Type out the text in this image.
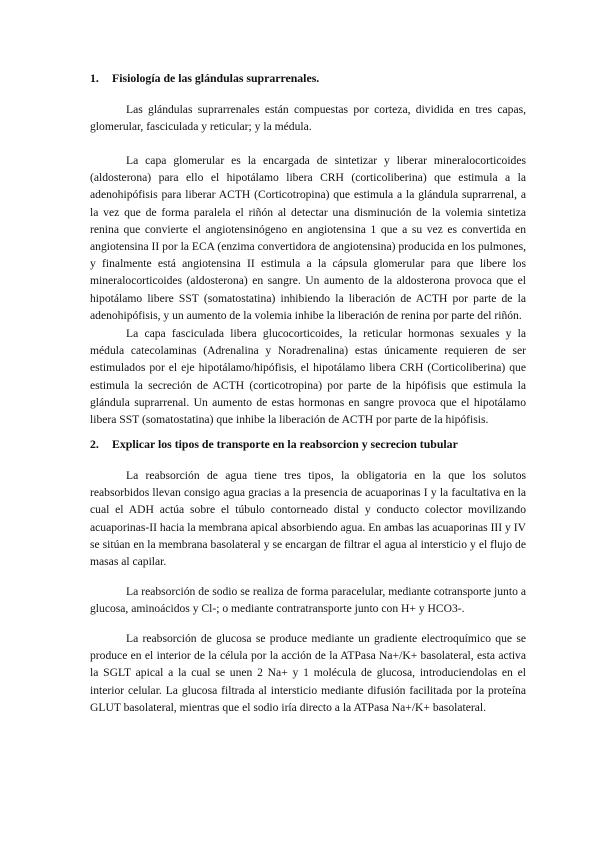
1. Fisiología de las glándulas suprarrenales.

Las glándulas suprarrenales están compuestas por corteza, dividida en tres capas, glomerular, fasciculada y reticular; y la médula.

La capa glomerular es la encargada de sintetizar y liberar mineralocorticoides (aldosterona) para ello el hipotálamo libera CRH (corticoliberina) que estimula a la adenohipófisis para liberar ACTH (Corticotropina) que estimula a la glándula suprarrenal, a la vez que de forma paralela el riñón al detectar una disminución de la volemia sintetiza renina que convierte el angiotensinógeno en angiotensina 1 que a su vez es convertida en angiotensina II por la ECA (enzima convertidora de angiotensina) producida en los pulmones, y finalmente está angiotensina II estimula a la cápsula glomerular para que libere los mineralocorticoides (aldosterona) en sangre. Un aumento de la aldosterona provoca que el hipotálamo libere SST (somatostatina) inhibiendo la liberación de ACTH por parte de la adenohipófisis, y un aumento de la volemia inhibe la liberación de renina por parte del riñón.

La capa fasciculada libera glucocorticoides, la reticular hormonas sexuales y la médula catecolaminas (Adrenalina y Noradrenalina) estas únicamente requieren de ser estimulados por el eje hipotálamo/hipófisis, el hipotálamo libera CRH (Corticoliberina) que estimula la secreción de ACTH (corticotropina) por parte de la hipófisis que estimula la glándula suprarrenal. Un aumento de estas hormonas en sangre provoca que el hipotálamo libera SST (somatostatina) que inhibe la liberación de ACTH por parte de la hipófisis.

2. Explicar los tipos de transporte en la reabsorcion y secrecion tubular

La reabsorción de agua tiene tres tipos, la obligatoria en la que los solutos reabsorbidos llevan consigo agua gracias a la presencia de acuaporinas I y la facultativa en la cual el ADH actúa sobre el túbulo contorneado distal y conducto colector movilizando acuaporinas-II hacia la membrana apical absorbiendo agua. En ambas las acuaporinas III y IV se sitúan en la membrana basolateral y se encargan de filtrar el agua al intersticio y el flujo de masas al capilar.

La reabsorción de sodio se realiza de forma paracelular, mediante cotransporte junto a glucosa, aminoácidos y Cl-; o mediante contratransporte junto con H+ y HCO3-.

La reabsorción de glucosa se produce mediante un gradiente electroquímico que se produce en el interior de la célula por la acción de la ATPasa Na+/K+ basolateral, esta activa la SGLT apical a la cual se unen 2 Na+ y 1 molécula de glucosa, introduciendolas en el interior celular. La glucosa filtrada al intersticio mediante difusión facilitada por la proteína GLUT basolateral, mientras que el sodio iría directo a la ATPasa Na+/K+ basolateral.
